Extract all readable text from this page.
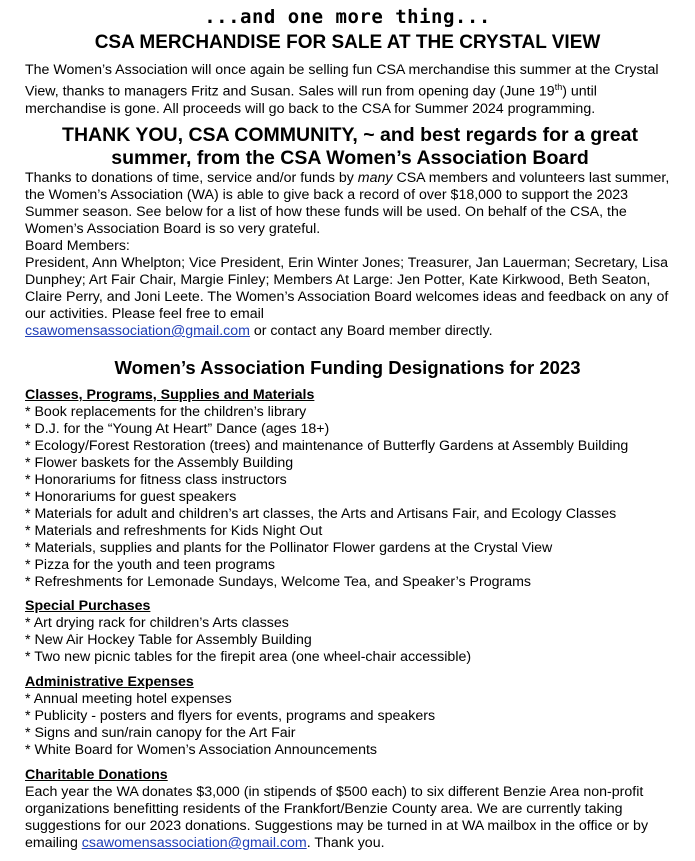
...and one more thing...
CSA MERCHANDISE FOR SALE AT THE CRYSTAL VIEW
The Women’s Association will once again be selling fun CSA merchandise this summer at the Crystal View, thanks to managers Fritz and Susan. Sales will run from opening day (June 19th) until merchandise is gone. All proceeds will go back to the CSA for Summer 2024 programming.
THANK YOU, CSA COMMUNITY, ~ and best regards for a great summer, from the CSA Women’s Association Board
Thanks to donations of time, service and/or funds by many CSA members and volunteers last summer, the Women’s Association (WA) is able to give back a record of over $18,000 to support the 2023 Summer season. See below for a list of how these funds will be used. On behalf of the CSA, the Women’s Association Board is so very grateful.
Board Members:
President, Ann Whelpton; Vice President, Erin Winter Jones; Treasurer, Jan Lauerman; Secretary, Lisa Dunphey; Art Fair Chair, Margie Finley; Members At Large: Jen Potter, Kate Kirkwood, Beth Seaton, Claire Perry, and Joni Leete. The Women’s Association Board welcomes ideas and feedback on any of our activities. Please feel free to email
csawomensassociation@gmail.com or contact any Board member directly.
Women’s Association Funding Designations for 2023
Classes, Programs, Supplies and Materials
* Book replacements for the children’s library
* D.J. for the “Young At Heart” Dance (ages 18+)
* Ecology/Forest Restoration (trees) and maintenance of Butterfly Gardens at Assembly Building
* Flower baskets for the Assembly Building
* Honorariums for fitness class instructors
* Honorariums for guest speakers
* Materials for adult and children’s art classes, the Arts and Artisans Fair, and Ecology Classes
* Materials and refreshments for Kids Night Out
* Materials, supplies and plants for the Pollinator Flower gardens at the Crystal View
* Pizza for the youth and teen programs
* Refreshments for Lemonade Sundays, Welcome Tea, and Speaker’s Programs
Special Purchases
* Art drying rack for children’s Arts classes
* New Air Hockey Table for Assembly Building
* Two new picnic tables for the firepit area (one wheel-chair accessible)
Administrative Expenses
* Annual meeting hotel expenses
* Publicity - posters and flyers for events, programs and speakers
* Signs and sun/rain canopy for the Art Fair
* White Board for Women’s Association Announcements
Charitable Donations
Each year the WA donates $3,000 (in stipends of $500 each) to six different Benzie Area non-profit organizations benefitting residents of the Frankfort/Benzie County area. We are currently taking suggestions for our 2023 donations. Suggestions may be turned in at WA mailbox in the office or by emailing csawomensassociation@gmail.com. Thank you.
